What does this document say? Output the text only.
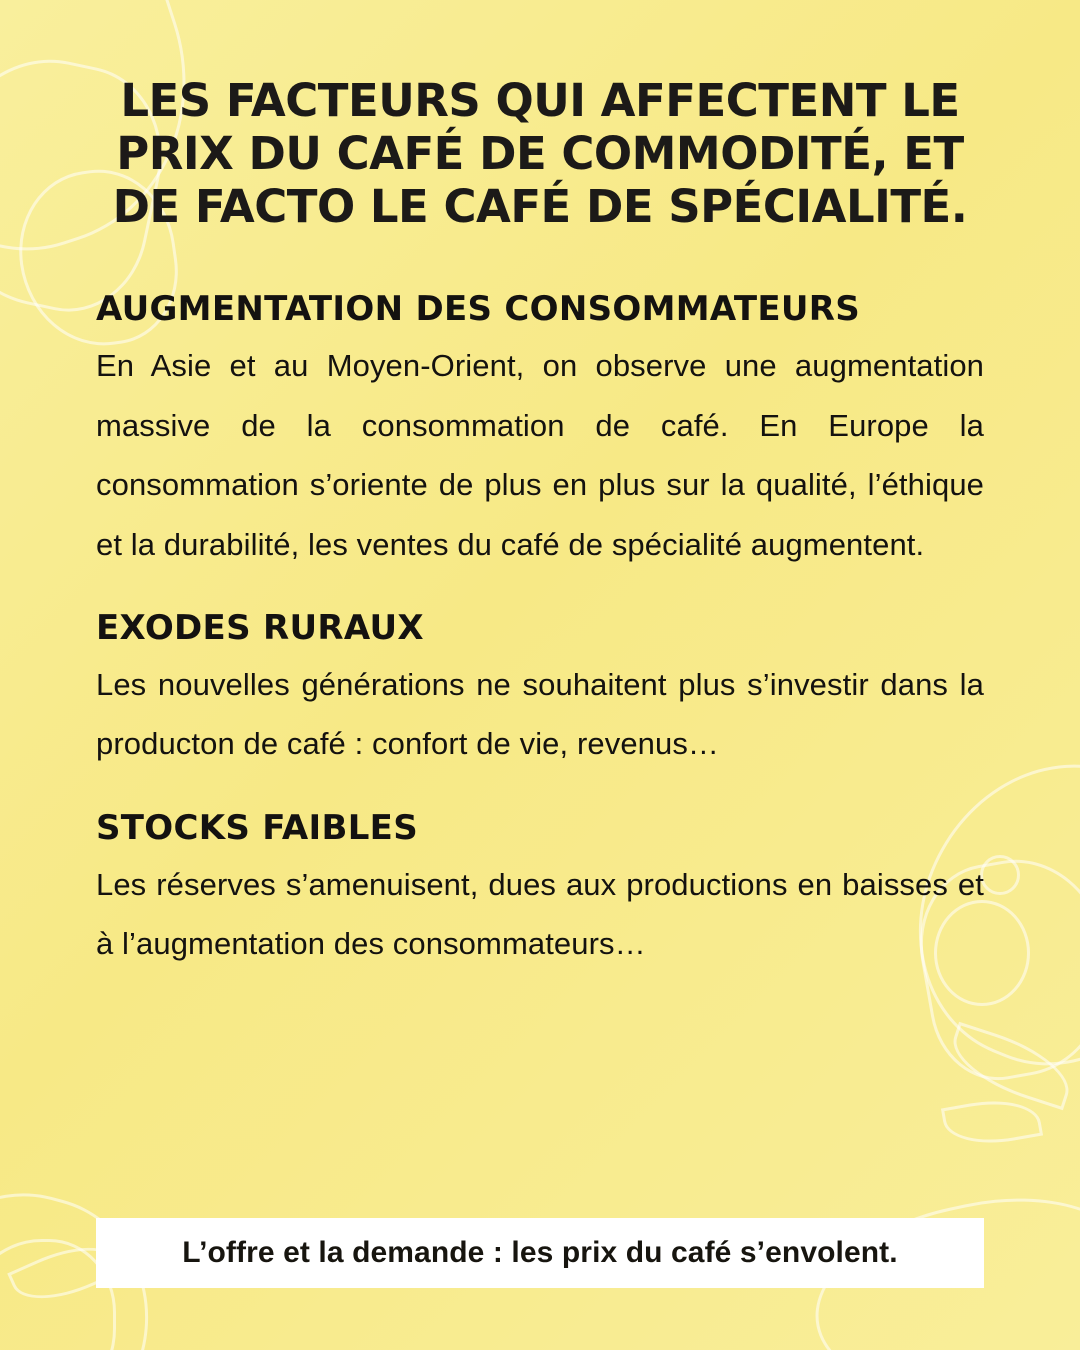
LES FACTEURS QUI AFFECTENT LE PRIX DU CAFÉ DE COMMODITÉ, ET DE FACTO LE CAFÉ DE SPÉCIALITÉ.
AUGMENTATION DES CONSOMMATEURS

En Asie et au Moyen-Orient, on observe une augmentation massive de la consommation de café. En Europe la consommation s’oriente de plus en plus sur la qualité, l’éthique et la durabilité, les ventes du café de spécialité augmentent.

EXODES RURAUX

Les nouvelles générations ne souhaitent plus s’investir dans la producton de café : confort de vie, revenus…

STOCKS FAIBLES

Les réserves s’amenuisent, dues aux productions en baisses et à l’augmentation des consommateurs…

L’offre et la demande : les prix du café s’envolent.
